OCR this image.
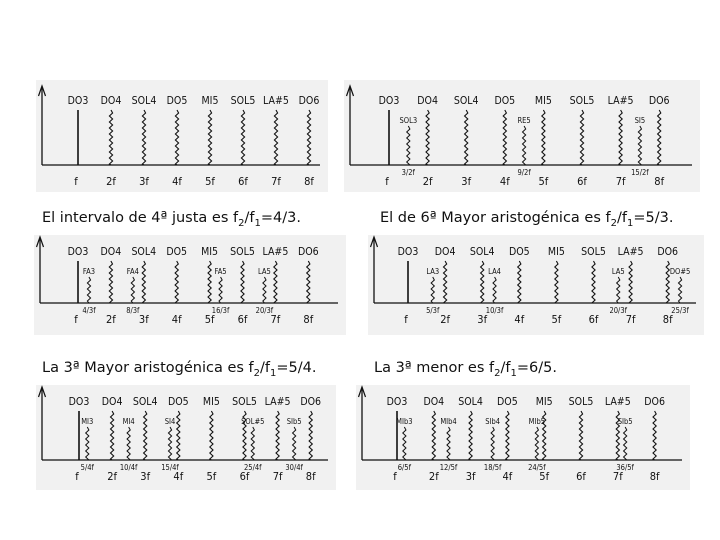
DO3
f
DO4
2f
SOL4
3f
DO5
4f
MI5
5f
SOL5
6f
LA#5
7f
DO6
8f
DO3
f
DO4
2f
SOL4
3f
DO5
4f
MI5
5f
SOL5
6f
LA#5
7f
DO6
8f
SOL3
3/2f
RE5
9/2f
SI5
15/2f
DO3
f
DO4
2f
SOL4
3f
DO5
4f
MI5
5f
SOL5
6f
LA#5
7f
DO6
8f
FA3
4/3f
FA4
8/3f
FA5
16/3f
LA5
20/3f
DO3
f
DO4
2f
SOL4
3f
DO5
4f
MI5
5f
SOL5
6f
LA#5
7f
DO6
8f
LA3
5/3f
LA4
10/3f
LA5
20/3f
DO#5
25/3f
DO3
f
DO4
2f
SOL4
3f
DO5
4f
MI5
5f
SOL5
6f
LA#5
7f
DO6
8f
MI3
5/4f
MI4
10/4f
SI4
15/4f
SOL#5
25/4f
SIb5
30/4f
DO3
f
DO4
2f
SOL4
3f
DO5
4f
MI5
5f
SOL5
6f
LA#5
7f
DO6
8f
MIb3
6/5f
MIb4
12/5f
SIb4
18/5f
MIb5
24/5f
SIb5
36/5f

El intervalo de 4ª justa es $f_2/f_1=4/3$.	El de 6ª Mayor aristogénica es $f_2/f_1=5/3$.

La 3ª Mayor aristogénica es $f_2/f_1=5/4$.	La 3ª menor es $f_2/f_1=6/5$.
